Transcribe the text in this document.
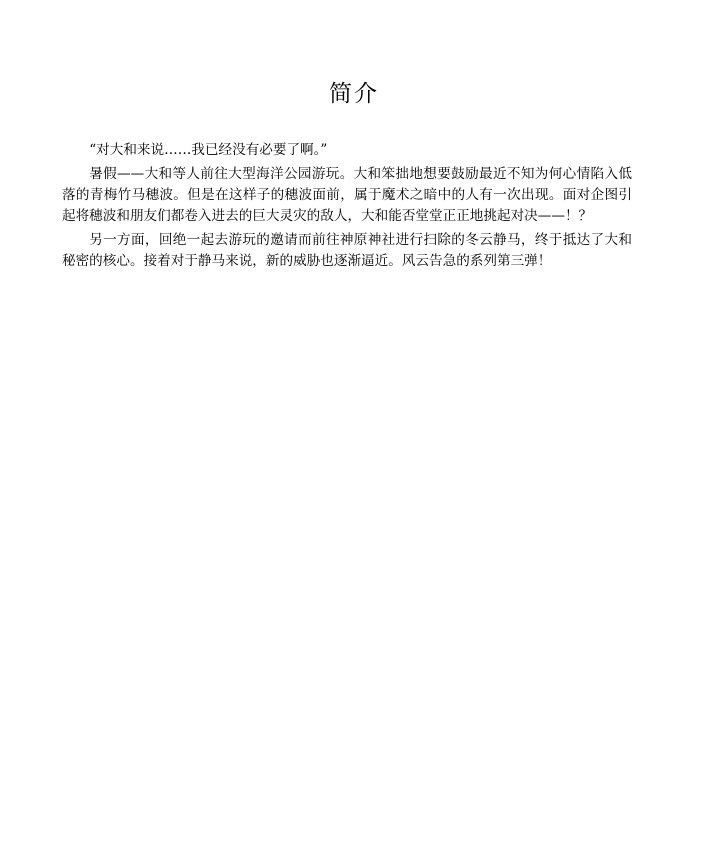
简介

“对大和来说……我已经没有必要了啊。”

暑假——大和等人前往大型海洋公园游玩。大和笨拙地想要鼓励最近不知为何心情陷入低落的青梅竹马穗波。但是在这样子的穗波面前，属于魔术之暗中的人有一次出现。面对企图引起将穗波和朋友们都卷入进去的巨大灵灾的敌人，大和能否堂堂正正地挑起对决——！？

另一方面，回绝一起去游玩的邀请而前往神原神社进行扫除的冬云静马，终于抵达了大和秘密的核心。接着对于静马来说，新的威胁也逐渐逼近。风云告急的系列第三弹！
